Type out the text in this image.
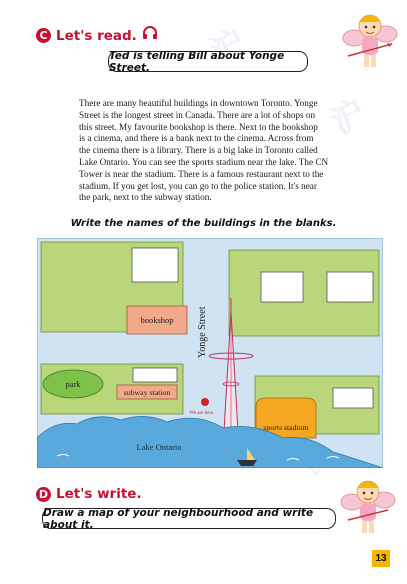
沪
沪
C Let's read.
Ted is telling Bill about Yonge Street.
There are many beautiful buildings in downtown Toronto. Yonge
Street is the longest street in Canada. There are a lot of shops on
this street. My favourite bookshop is there. Next to the bookshop
is a cinema, and there is a bank next to the cinema. Across from
the cinema there is a library. There is a big lake in Toronto called
Lake Ontario. You can see the sports stadium near the lake. The CN
Tower is near the stadium. There is a famous restaurant next to the
stadium. If you get lost, you can go to the police station. It's near
the park, next to the subway station.
Write the names of the buildings in the blanks.
bookshop
park
subway station
We are here.
Yonge Street
sports stadium
Lake Ontario
D Let's write.
Draw a map of your neighbourhood and write about it.
13
